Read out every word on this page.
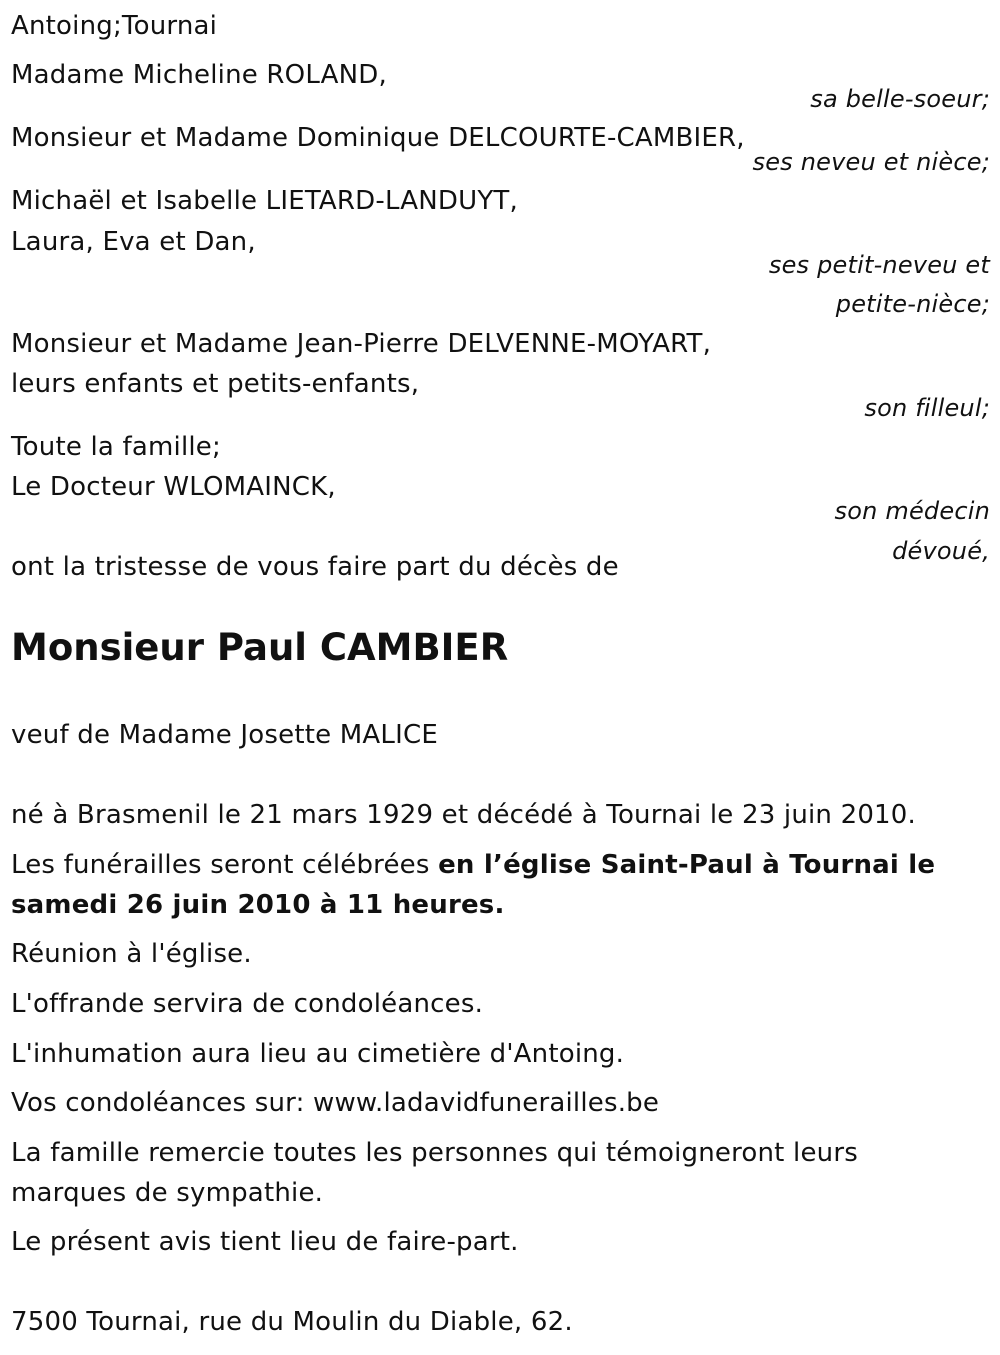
Antoing;Tournai
Madame Micheline ROLAND,
sa belle-soeur;
Monsieur et Madame Dominique DELCOURTE-CAMBIER,
ses neveu et nièce;
Michaël et Isabelle LIETARD-LANDUYT,
Laura, Eva et Dan,
ses petit-neveu et
petite-nièce;
Monsieur et Madame Jean-Pierre DELVENNE-MOYART,
leurs enfants et petits-enfants,
son filleul;
Toute la famille;
Le Docteur WLOMAINCK,
son médecin
dévoué,
ont la tristesse de vous faire part du décès de
Monsieur Paul CAMBIER
veuf de Madame Josette MALICE
né à Brasmenil le 21 mars 1929 et décédé à Tournai le 23 juin 2010.
Les funérailles seront célébrées en l’église Saint-Paul à Tournai le
samedi 26 juin 2010 à 11 heures.
Réunion à l'église.
L'offrande servira de condoléances.
L'inhumation aura lieu au cimetière d'Antoing.
Vos condoléances sur: www.ladavidfunerailles.be
La famille remercie toutes les personnes qui témoigneront leurs
marques de sympathie.
Le présent avis tient lieu de faire-part.
7500 Tournai, rue du Moulin du Diable, 62.
